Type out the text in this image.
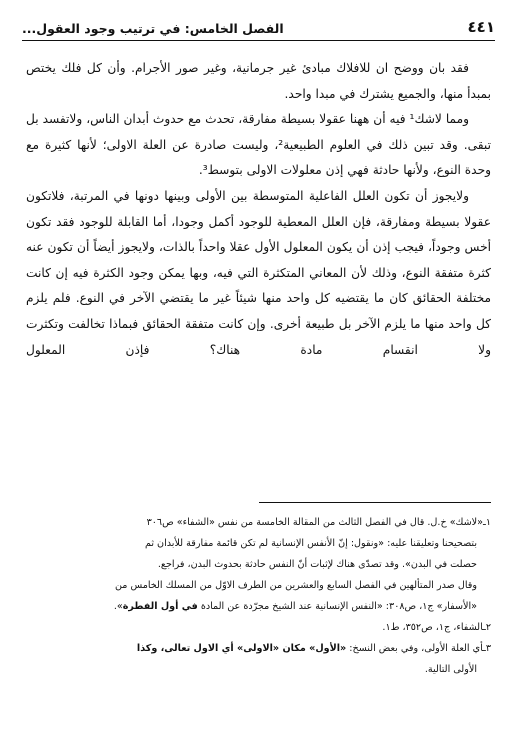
٤٤١
الفصل الخامس: في ترتيب وجود العقول...

فقد بان ووضح ان للافلاك مبادئ غير جرمانية، وغير صور الأجرام. وأن كل فلك يختص بمبدأ منها، والجميع يشترك في مبدا واحد.

ومما لاشك¹ فيه أن ههنا عقولا بسيطة مفارقة، تحدث مع حدوث أبدان الناس، ولاتفسد بل تبقى. وقد تبين ذلك في العلوم الطبيعية²، وليست صادرة عن العلة الاولى؛ لأنها كثيرة مع وحدة النوع، ولأنها حادثة فهي إذن معلولات الاولى بتوسط³.

ولايجوز أن تكون العلل الفاعلية المتوسطة بين الأولى وبينها دونها في المرتبة، فلاتكون عقولا بسيطة ومفارقة، فإن العلل المعطية للوجود أكمل وجودا، أما القابلة للوجود فقد تكون أخس وجوداً، فيجب إذن أن يكون المعلول الأول عقلا واحداً بالذات، ولايجوز أيضاً أن تكون عنه كثرة متفقة النوع، وذلك لأن المعاني المتكثرة التي فيه، وبها يمكن وجود الكثرة فيه إن كانت مختلفة الحقائق كان ما يقتضيه كل واحد منها شيئاً غير ما يقتضي الآخر في النوع. فلم يلزم كل واحد منها ما يلزم الآخر بل طبيعة أخرى. وإن كانت متفقة الحقائق فبماذا تخالفت وتكثرت ولا انقسام مادة هناك؟ فإذن المعلول

١ـ«لاشك» خ.ل. قال في الفصل الثالث من المقالة الخامسة من نفس «الشفاء» ص٣٠٦

بتصحيحنا وتعليقنا عليه: «ونقول: إنّ الأنفس الإنسانية لم تكن قائمة مفارقة للأبدان ثم

حصلت في البدن». وقد تصدّى هناك لإثبات أنّ النفس حادثة بحدوث البدن، فراجع.

وقال صدر المتألهين في الفصل السابع والعشرين من الطرف الاوّل من المسلك الخامس من

«الأسفار» ج١، ص٣٠٨: «النفس الإنسانية عند الشيخ مجرّدة عن المادة في أول الفطرة».

٢ـالشفاء، ج١، ص٣٥٢، ط١.

٣ـأي العلة الأولى، وفي بعض النسخ: «الأول» مكان «الاولى» أي الاول تعالى، وكذا

الأولى التالية.
